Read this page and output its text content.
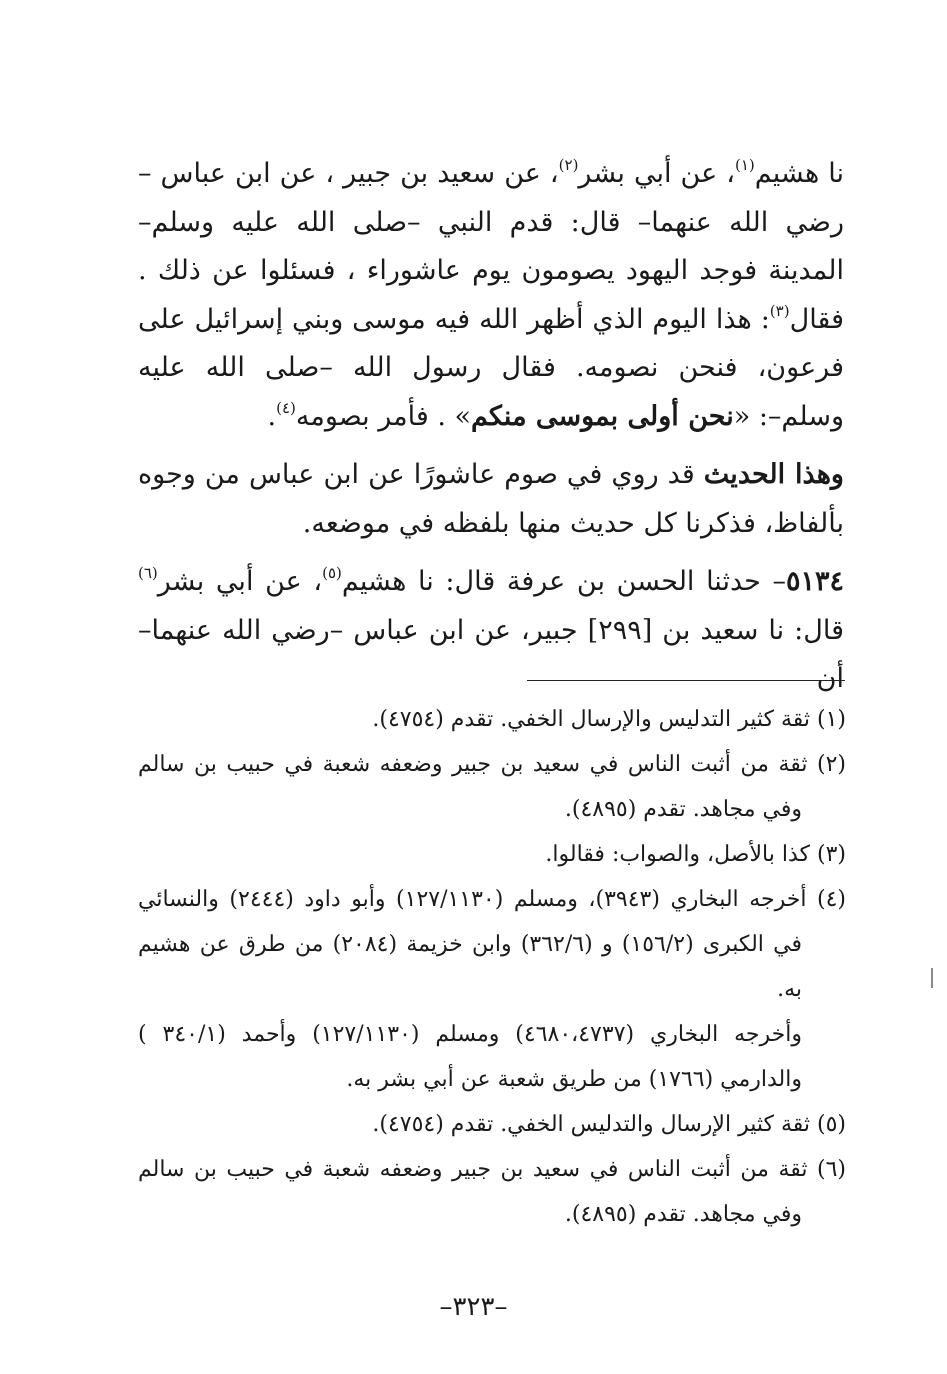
نا هشيم$^{(١)}$، عن أبي بشر$^{(٢)}$، عن سعيد بن جبير ، عن ابن عباس – رضي الله عنهما– قال: قدم النبي –صلى الله عليه وسلم– المدينة فوجد اليهود يصومون يوم عاشوراء ، فسئلوا عن ذلك . فقال$^{(٣)}$: هذا اليوم الذي أظهر الله فيه موسى وبني إسرائيل على فرعون، فنحن نصومه. فقال رسول الله –صلى الله عليه وسلم–: «نحن أولى بموسى منكم» . فأمر بصومه$^{(٤)}$.

وهذا الحديث قد روي في صوم عاشورًا عن ابن عباس من وجوه بألفاظ، فذكرنا كل حديث منها بلفظه في موضعه.

٥١٣٤– حدثنا الحسن بن عرفة قال: نا هشيم$^{(٥)}$، عن أبي بشر$^{(٦)}$ قال: نا سعيد بن [٢٩٩] جبير، عن ابن عباس –رضي الله عنهما– أن

(١) ثقة كثير التدليس والإرسال الخفي. تقدم (٤٧٥٤).

(٢) ثقة من أثبت الناس في سعيد بن جبير وضعفه شعبة في حبيب بن سالم وفي مجاهد. تقدم (٤٨٩٥).

(٣) كذا بالأصل، والصواب: فقالوا.

(٤) أخرجه البخاري (٣٩٤٣)، ومسلم (١٢٧/١١٣٠) وأبو داود (٢٤٤٤) والنسائي في الكبرى (١٥٦/٢) و (٣٦٢/٦) وابن خزيمة (٢٠٨٤) من طرق عن هشيم به.

وأخرجه البخاري (٤٦٨٠،٤٧٣٧) ومسلم (١٢٧/١١٣٠) وأحمد (٣٤٠/١ ) والدارمي (١٧٦٦) من طريق شعبة عن أبي بشر به.

(٥) ثقة كثير الإرسال والتدليس الخفي. تقدم (٤٧٥٤).

(٦) ثقة من أثبت الناس في سعيد بن جبير وضعفه شعبة في حبيب بن سالم وفي مجاهد. تقدم (٤٨٩٥).

–٣٢٣–
